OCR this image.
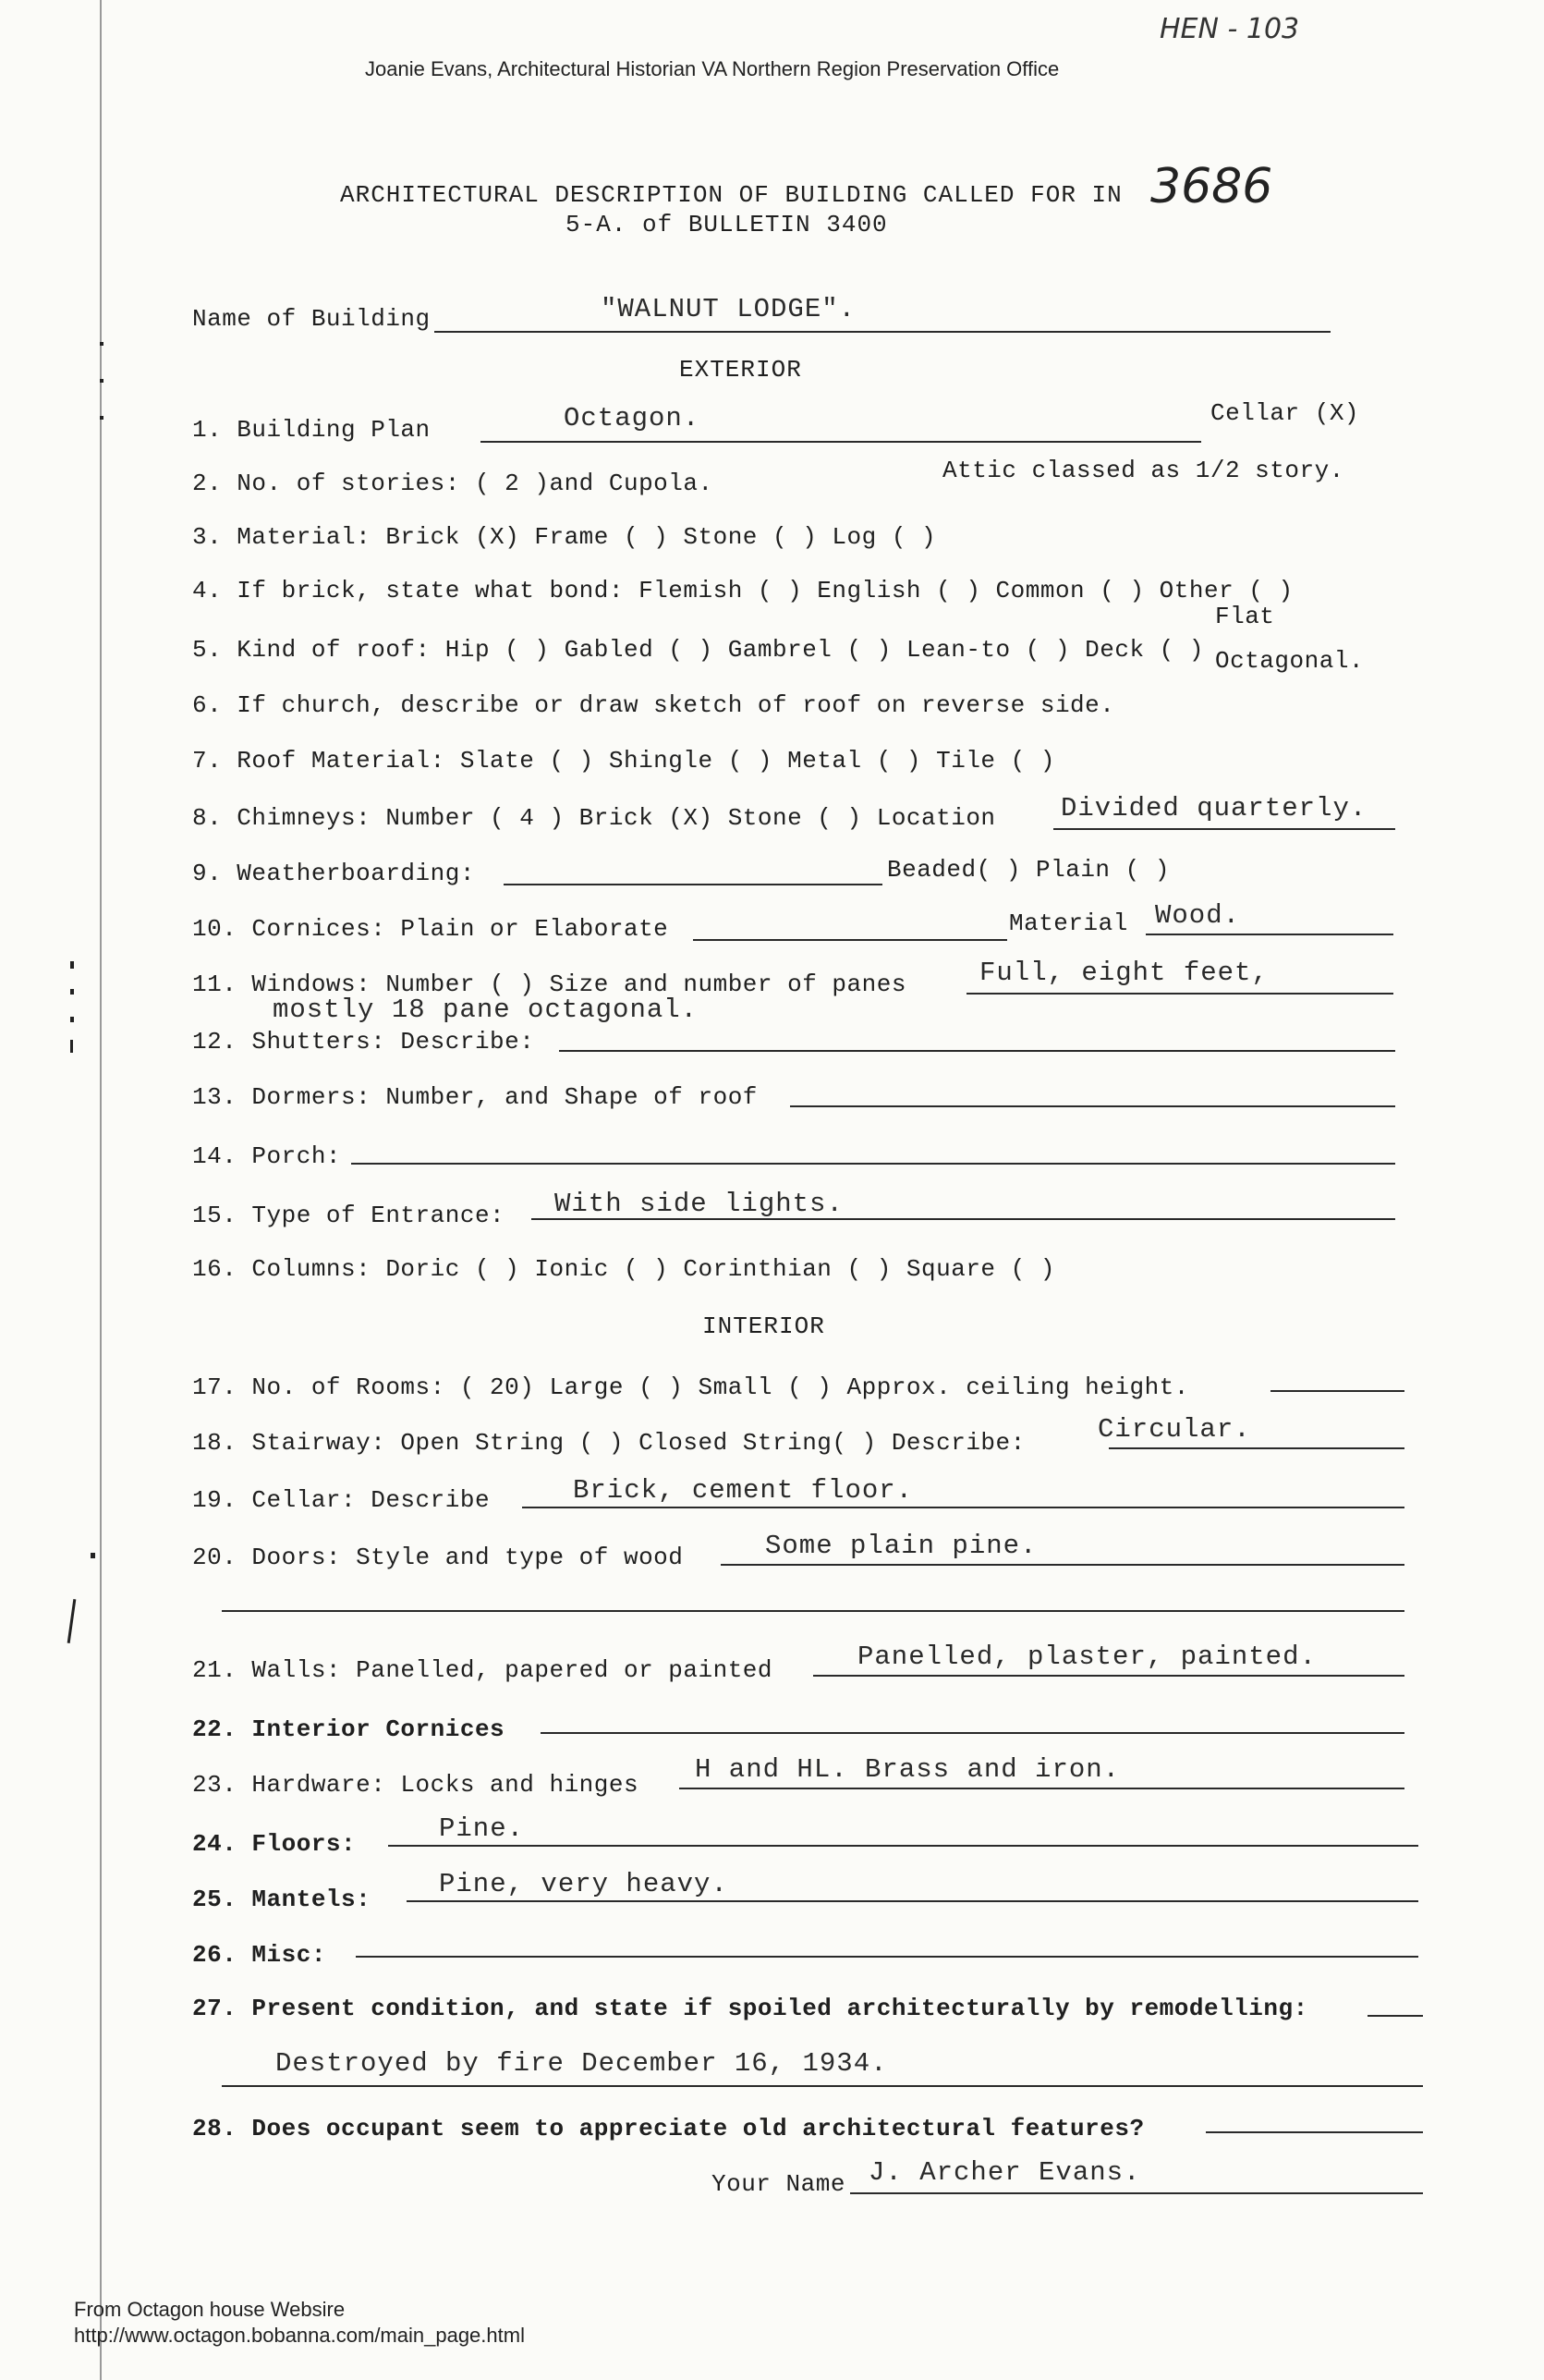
HEN - 103
Joanie Evans, Architectural Historian VA Northern Region Preservation Office
ARCHITECTURAL DESCRIPTION OF BUILDING CALLED FOR IN
5-A. of BULLETIN 3400
3686
Name of Building	"WALNUT LODGE".
EXTERIOR
1. Building Plan	Octagon.	Cellar (X)
2. No. of stories: ( 2 )and Cupola.	Attic classed as 1/2 story.
3. Material: Brick (X) Frame ( ) Stone ( ) Log ( )
4. If brick, state what bond: Flemish ( ) English ( ) Common ( ) Other ( )
5. Kind of roof: Hip ( ) Gabled ( ) Gambrel ( ) Lean-to ( ) Deck ( )
Flat
Octagonal.
6. If church, describe or draw sketch of roof on reverse side.
7. Roof Material: Slate ( ) Shingle ( ) Metal ( ) Tile ( )
8. Chimneys: Number ( 4 ) Brick (X) Stone ( ) Location Divided quarterly.
9. Weatherboarding:	Beaded( ) Plain ( )
10. Cornices: Plain or Elaborate	Material Wood.
11. Windows: Number ( ) Size and number of panes	Full, eight feet,
mostly 18 pane octagonal.
12. Shutters: Describe:
13. Dormers: Number, and Shape of roof
14. Porch:
15. Type of Entrance: With side lights.
16. Columns: Doric ( ) Ionic ( ) Corinthian ( ) Square ( )
INTERIOR
17. No. of Rooms: ( 20) Large ( ) Small ( ) Approx. ceiling height.
18. Stairway: Open String ( ) Closed String( ) Describe:	Circular.
19. Cellar: Describe	Brick, cement floor.
20. Doors: Style and type of wood	Some plain pine.
21. Walls: Panelled, papered or painted	Panelled, plaster, painted.
22. Interior Cornices
23. Hardware: Locks and hinges H and HL. Brass and iron.
24. Floors:	Pine.
25. Mantels:	Pine, very heavy.
26. Misc:
27. Present condition, and state if spoiled architecturally by remodelling:
Destroyed by fire December 16, 1934.
28. Does occupant seem to appreciate old architectural features?
Your Name J. Archer Evans.
From Octagon house Websire
http://www.octagon.bobanna.com/main_page.html
